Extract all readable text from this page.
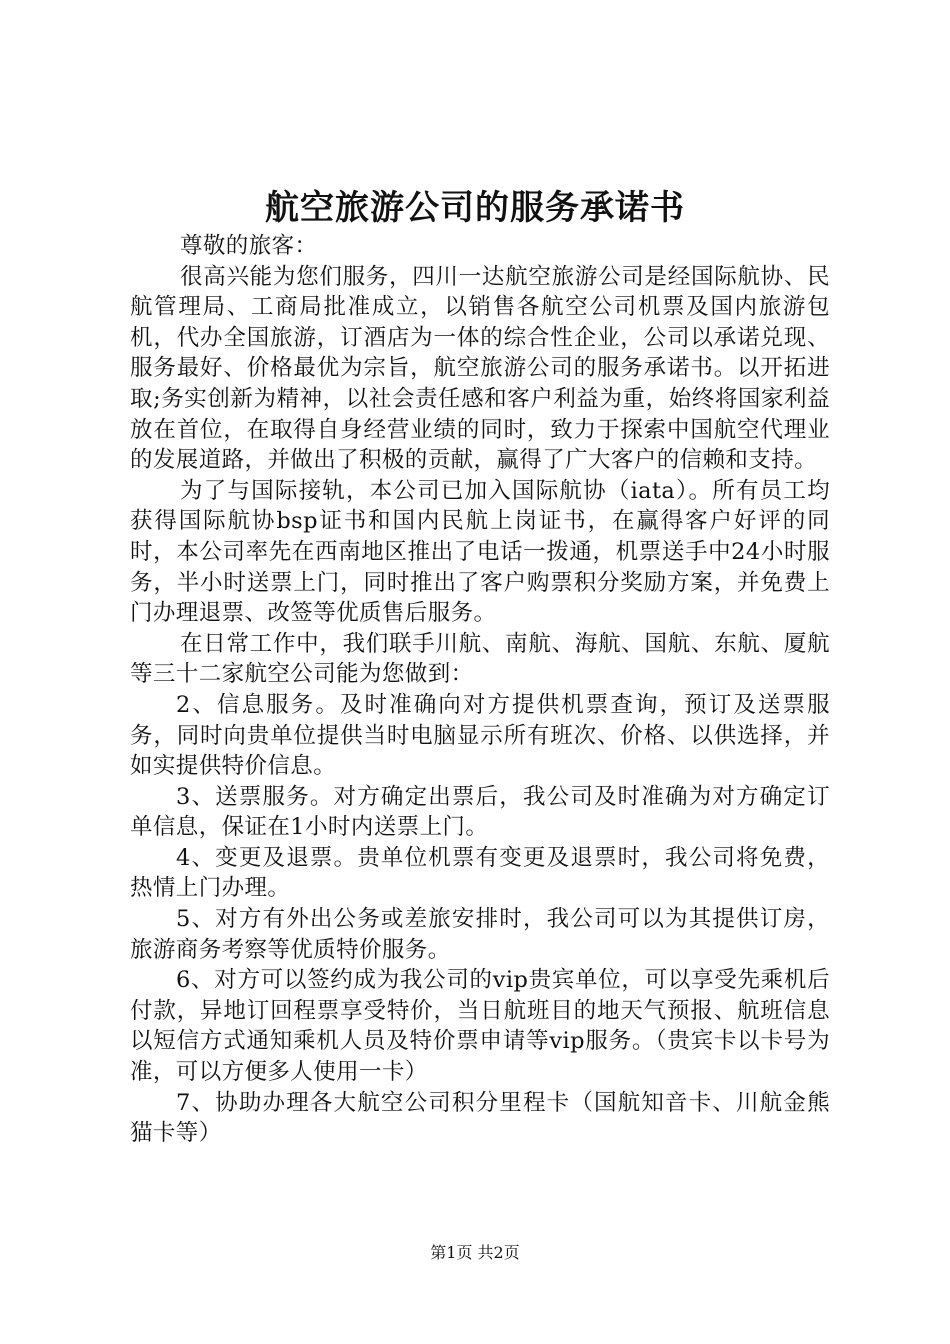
航空旅游公司的服务承诺书

尊敬的旅客：

很高兴能为您们服务，四川一达航空旅游公司是经国际航协、民航管理局、工商局批准成立，以销售各航空公司机票及国内旅游包机，代办全国旅游，订酒店为一体的综合性企业，公司以承诺兑现、服务最好、价格最优为宗旨，航空旅游公司的服务承诺书。以开拓进取;务实创新为精神，以社会责任感和客户利益为重，始终将国家利益放在首位，在取得自身经营业绩的同时，致力于探索中国航空代理业的发展道路，并做出了积极的贡献，赢得了广大客户的信赖和支持。

为了与国际接轨，本公司已加入国际航协（iata）。所有员工均获得国际航协bsp证书和国内民航上岗证书，在赢得客户好评的同时，本公司率先在西南地区推出了电话一拨通，机票送手中24小时服务，半小时送票上门，同时推出了客户购票积分奖励方案，并免费上门办理退票、改签等优质售后服务。

在日常工作中，我们联手川航、南航、海航、国航、东航、厦航等三十二家航空公司能为您做到：

2、信息服务。及时准确向对方提供机票查询，预订及送票服务，同时向贵单位提供当时电脑显示所有班次、价格、以供选择，并如实提供特价信息。

3、送票服务。对方确定出票后，我公司及时准确为对方确定订单信息，保证在1小时内送票上门。

4、变更及退票。贵单位机票有变更及退票时，我公司将免费，热情上门办理。

5、对方有外出公务或差旅安排时，我公司可以为其提供订房，旅游商务考察等优质特价服务。

6、对方可以签约成为我公司的vip贵宾单位，可以享受先乘机后付款，异地订回程票享受特价，当日航班目的地天气预报、航班信息以短信方式通知乘机人员及特价票申请等vip服务。（贵宾卡以卡号为准，可以方便多人使用一卡）

7、协助办理各大航空公司积分里程卡（国航知音卡、川航金熊猫卡等）

第1页 共2页
